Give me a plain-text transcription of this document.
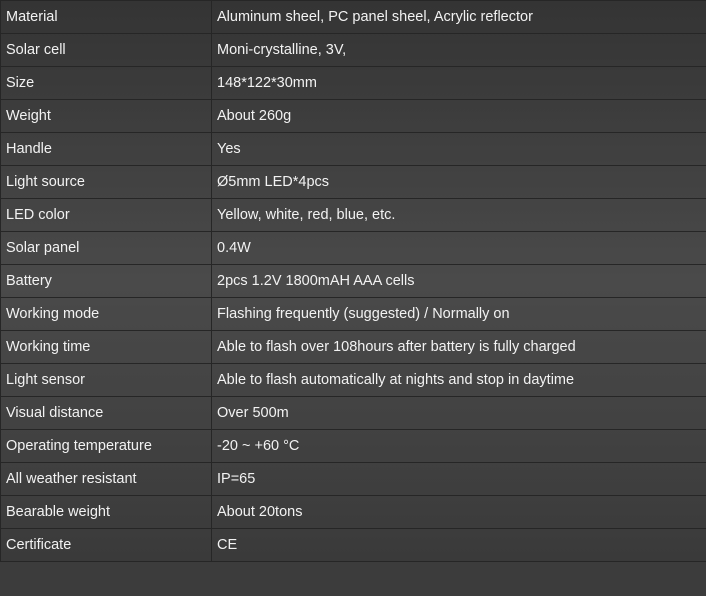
Material	Aluminum sheel, PC panel sheel, Acrylic reflector
Solar cell	Moni-crystalline, 3V,
Size	148*122*30mm
Weight	About 260g
Handle	Yes
Light source	Ø5mm LED*4pcs
LED color	Yellow, white, red, blue, etc.
Solar panel	0.4W
Battery	2pcs 1.2V 1800mAH AAA cells
Working mode	Flashing frequently (suggested) / Normally on
Working time	Able to flash over 108hours after battery is fully charged
Light sensor	Able to flash automatically at nights and stop in daytime
Visual distance	Over 500m
Operating temperature	-20 ~ +60 °C
All weather resistant	IP=65
Bearable weight	About 20tons
Certificate	CE
